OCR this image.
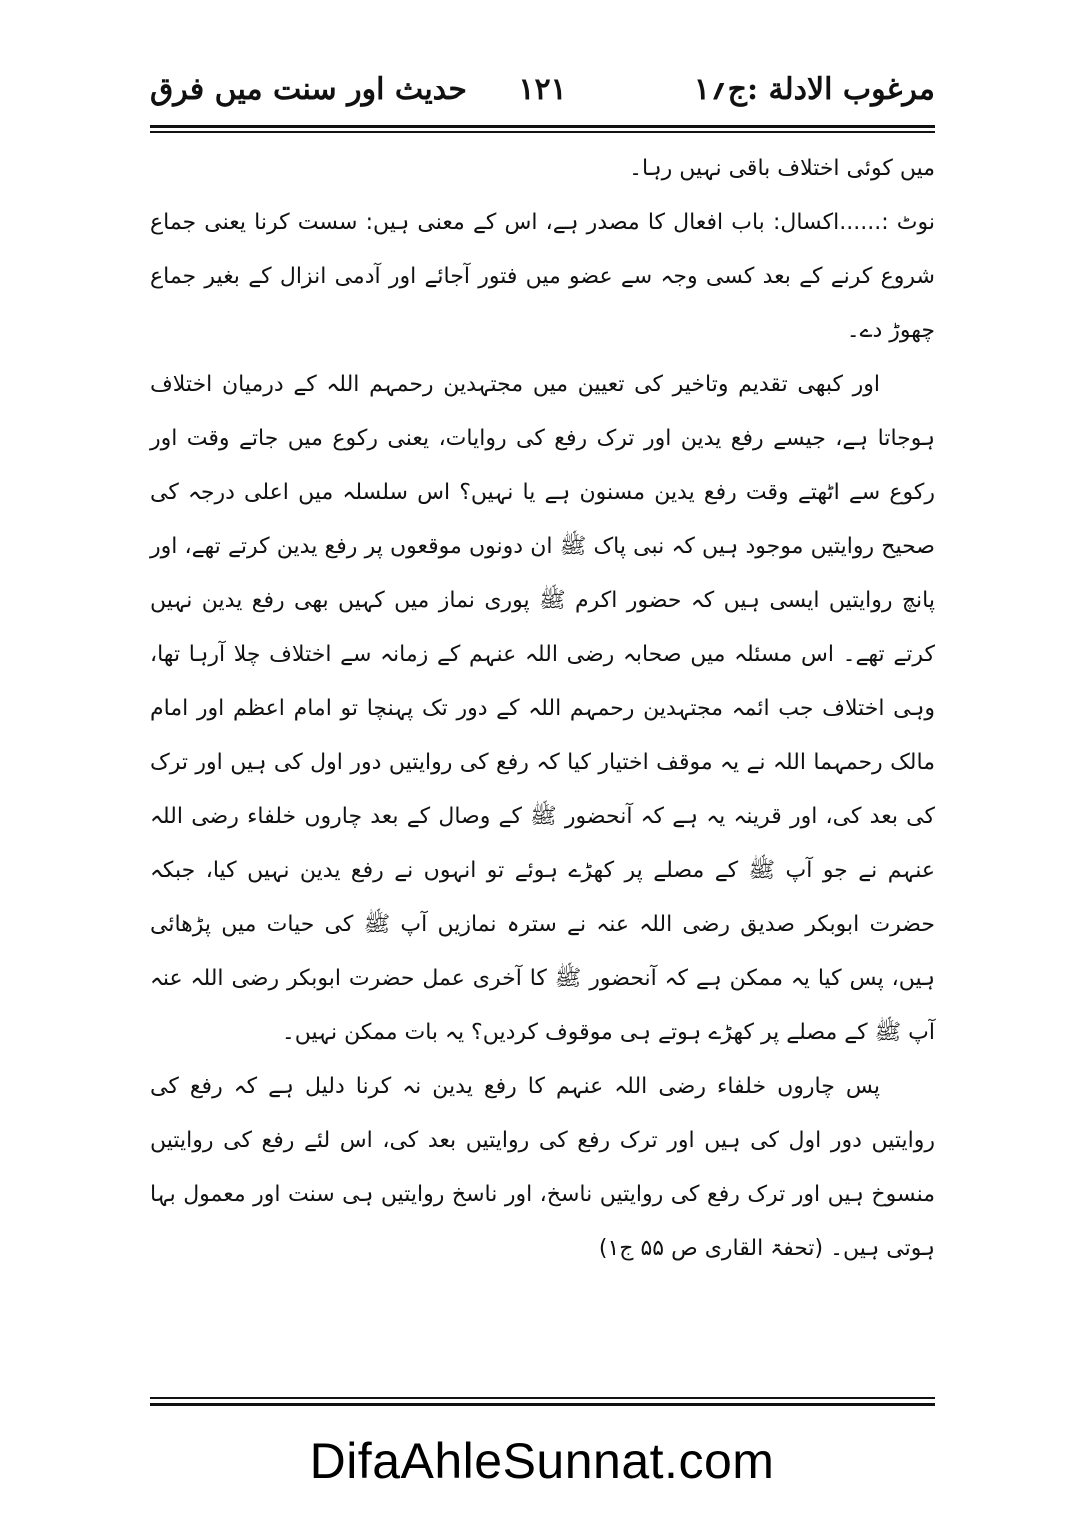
مرغوب الادلة :ج؍١
١٢١
حدیث اور سنت میں فرق

میں کوئی اختلاف باقی نہیں رہا۔

نوٹ :......اکسال: باب افعال کا مصدر ہے، اس کے معنی ہیں: سست کرنا یعنی جماع شروع کرنے کے بعد کسی وجہ سے عضو میں فتور آجائے اور آدمی انزال کے بغیر جماع چھوڑ دے۔

اور کبھی تقدیم وتاخیر کی تعیین میں مجتہدین رحمہم اللہ کے درمیان اختلاف ہوجاتا ہے، جیسے رفع یدین اور ترک رفع کی روایات، یعنی رکوع میں جاتے وقت اور رکوع سے اٹھتے وقت رفع یدین مسنون ہے یا نہیں؟ اس سلسلہ میں اعلی درجہ کی صحیح روایتیں موجود ہیں کہ نبی پاک ﷺ ان دونوں موقعوں پر رفع یدین کرتے تھے، اور پانچ روایتیں ایسی ہیں کہ حضور اکرم ﷺ پوری نماز میں کہیں بھی رفع یدین نہیں کرتے تھے۔ اس مسئلہ میں صحابہ رضی اللہ عنہم کے زمانہ سے اختلاف چلا آرہا تھا، وہی اختلاف جب ائمہ مجتہدین رحمہم اللہ کے دور تک پہنچا تو امام اعظم اور امام مالک رحمہما اللہ نے یہ موقف اختیار کیا کہ رفع کی روایتیں دور اول کی ہیں اور ترک کی بعد کی، اور قرینہ یہ ہے کہ آنحضور ﷺ کے وصال کے بعد چاروں خلفاء رضی اللہ عنہم نے جو آپ ﷺ کے مصلے پر کھڑے ہوئے تو انہوں نے رفع یدین نہیں کیا، جبکہ حضرت ابوبکر صدیق رضی اللہ عنہ نے سترہ نمازیں آپ ﷺ کی حیات میں پڑھائی ہیں، پس کیا یہ ممکن ہے کہ آنحضور ﷺ کا آخری عمل حضرت ابوبکر رضی اللہ عنہ آپ ﷺ کے مصلے پر کھڑے ہوتے ہی موقوف کردیں؟ یہ بات ممکن نہیں۔

پس چاروں خلفاء رضی اللہ عنہم کا رفع یدین نہ کرنا دلیل ہے کہ رفع کی روایتیں دور اول کی ہیں اور ترک رفع کی روایتیں بعد کی، اس لئے رفع کی روایتیں منسوخ ہیں اور ترک رفع کی روایتیں ناسخ، اور ناسخ روایتیں ہی سنت اور معمول بہا ہوتی ہیں۔ (تحفۃ القاری ص ۵۵ ج۱)

DifaAhleSunnat.com
